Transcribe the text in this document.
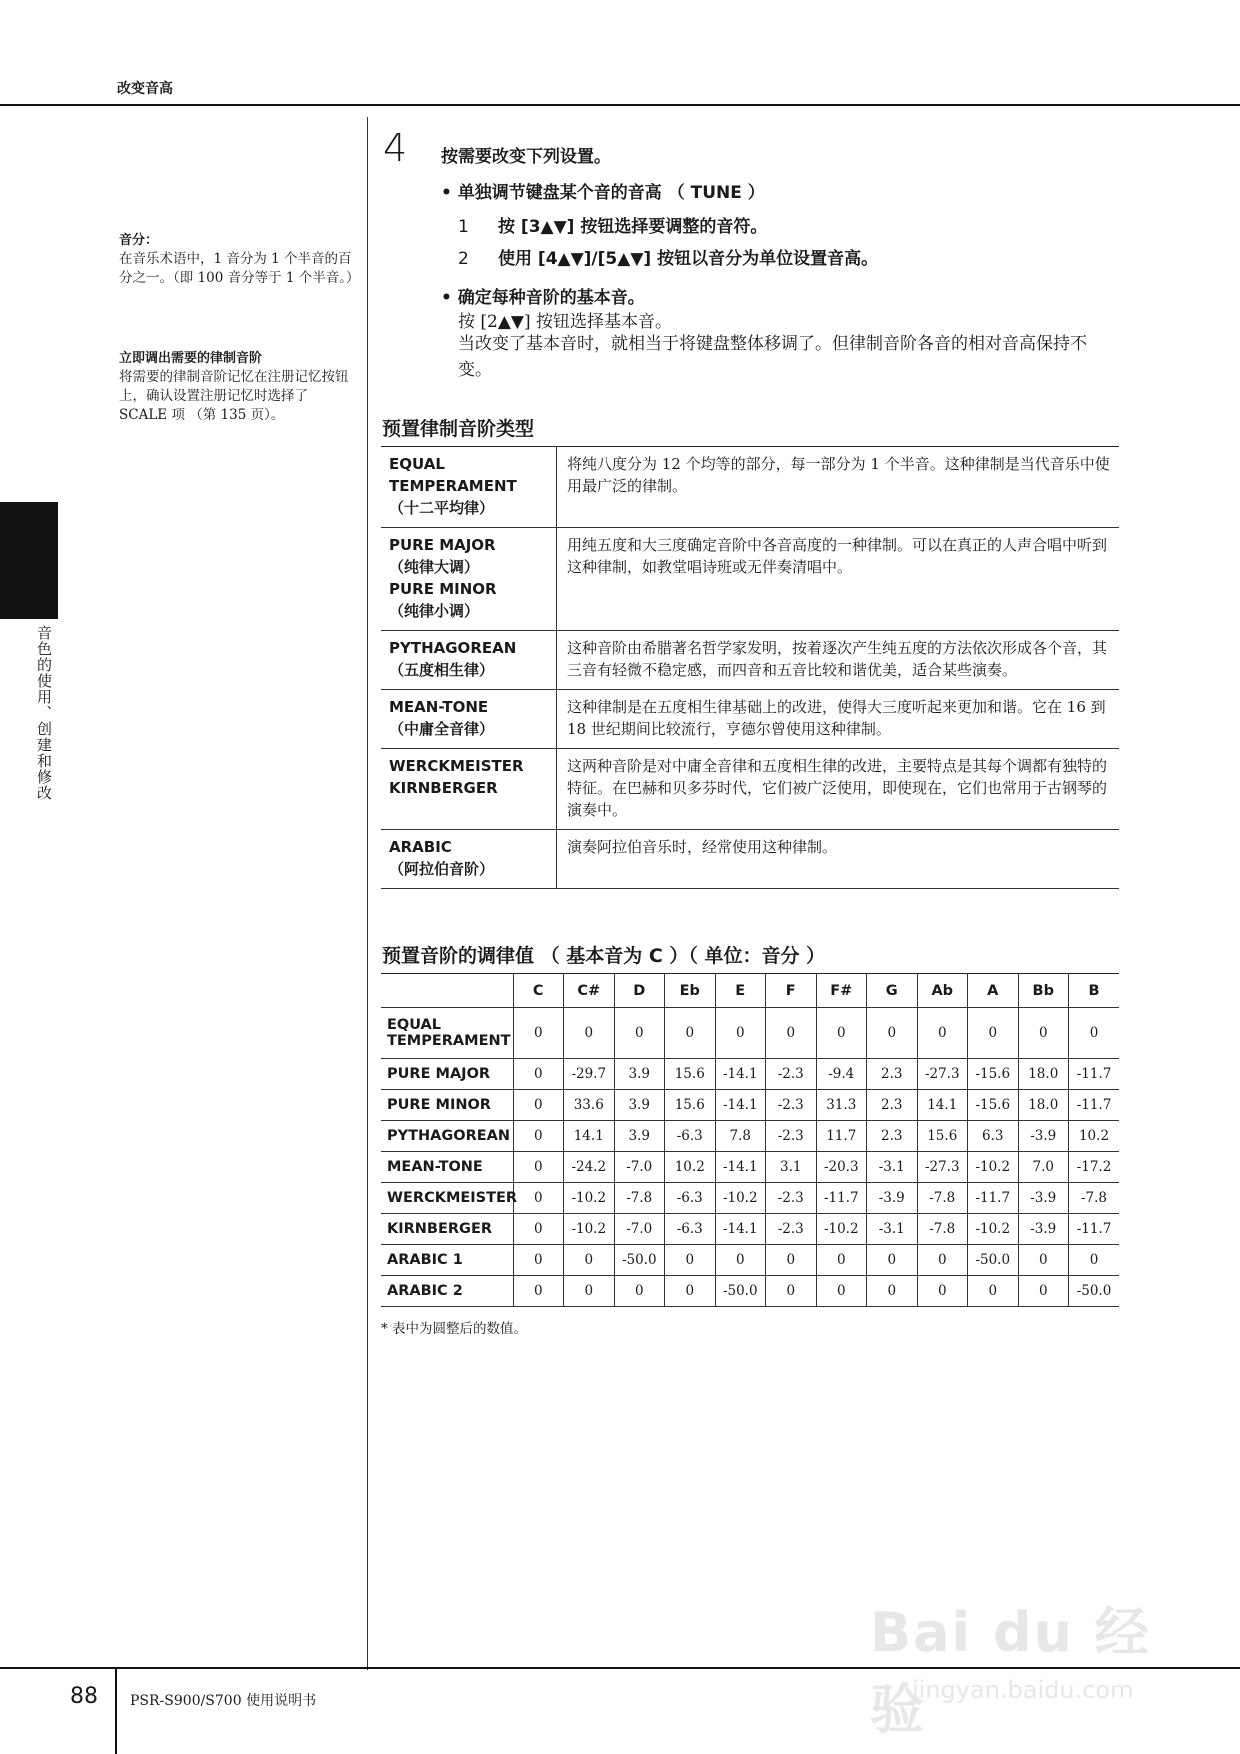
改变音高
音分：
在音乐术语中，1 音分为 1 个半音的百分之一。（即 100 音分等于 1 个半音。）
立即调出需要的律制音阶
将需要的律制音阶记忆在注册记忆按钮上，确认设置注册记忆时选择了 SCALE 项 （第 135 页）。
音色的使用、创建和修改
4 按需要改变下列设置。
• 单独调节键盘某个音的音高 （ TUNE ）
1 按 [3▲▼] 按钮选择要调整的音符。
2 使用 [4▲▼]/[5▲▼] 按钮以音分为单位设置音高。
• 确定每种音阶的基本音。
按 [2▲▼] 按钮选择基本音。
当改变了基本音时，就相当于将键盘整体移调了。但律制音阶各音的相对音高保持不变。
预置律制音阶类型
EQUAL TEMPERAMENT
（十二平均律）	将纯八度分为 12 个均等的部分，每一部分为 1 个半音。这种律制是当代音乐中使用最广泛的律制。
PURE MAJOR
（纯律大调）
PURE MINOR
（纯律小调）	用纯五度和大三度确定音阶中各音高度的一种律制。可以在真正的人声合唱中听到这种律制，如教堂唱诗班或无伴奏清唱中。
PYTHAGOREAN
（五度相生律）	这种音阶由希腊著名哲学家发明，按着逐次产生纯五度的方法依次形成各个音，其三音有轻微不稳定感，而四音和五音比较和谐优美，适合某些演奏。
MEAN-TONE
（中庸全音律）	这种律制是在五度相生律基础上的改进，使得大三度听起来更加和谐。它在 16 到 18 世纪期间比较流行，亨德尔曾使用这种律制。
WERCKMEISTER
KIRNBERGER	这两种音阶是对中庸全音律和五度相生律的改进，主要特点是其每个调都有独特的特征。在巴赫和贝多芬时代，它们被广泛使用，即使现在，它们也常用于古钢琴的演奏中。
ARABIC
（阿拉伯音阶）	演奏阿拉伯音乐时，经常使用这种律制。
预置音阶的调律值 （ 基本音为 C ）（ 单位：音分 ）
	C	C#	D	Eb	E	F	F#	G	Ab	A	Bb	B
EQUAL
TEMPERAMENT	0	0	0	0	0	0	0	0	0	0	0	0
PURE MAJOR	0	-29.7	3.9	15.6	-14.1	-2.3	-9.4	2.3	-27.3	-15.6	18.0	-11.7
PURE MINOR	0	33.6	3.9	15.6	-14.1	-2.3	31.3	2.3	14.1	-15.6	18.0	-11.7
PYTHAGOREAN	0	14.1	3.9	-6.3	7.8	-2.3	11.7	2.3	15.6	6.3	-3.9	10.2
MEAN-TONE	0	-24.2	-7.0	10.2	-14.1	3.1	-20.3	-3.1	-27.3	-10.2	7.0	-17.2
WERCKMEISTER	0	-10.2	-7.8	-6.3	-10.2	-2.3	-11.7	-3.9	-7.8	-11.7	-3.9	-7.8
KIRNBERGER	0	-10.2	-7.0	-6.3	-14.1	-2.3	-10.2	-3.1	-7.8	-10.2	-3.9	-11.7
ARABIC 1	0	0	-50.0	0	0	0	0	0	0	-50.0	0	0
ARABIC 2	0	0	0	0	-50.0	0	0	0	0	0	0	-50.0
* 表中为圆整后的数值。
88 PSR-S900/S700 使用说明书
Bai du 经验
jingyan.baidu.com
